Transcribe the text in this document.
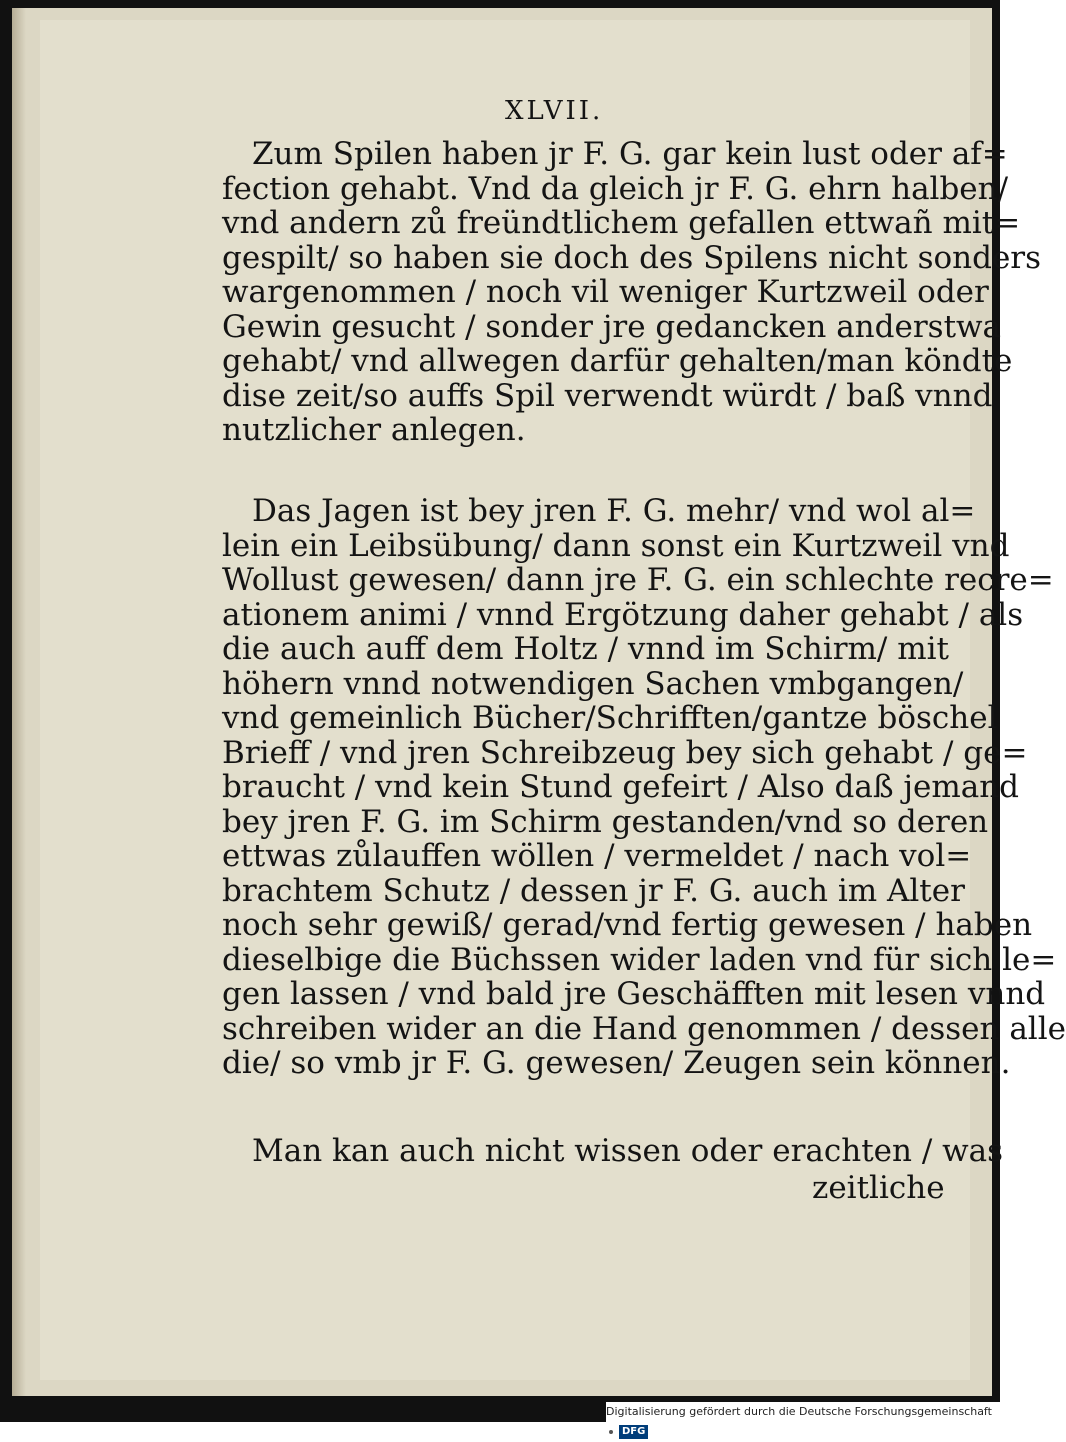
XLVII.
Zum Spilen haben jr F. G. gar kein lust oder af=
fection gehabt. Vnd da gleich jr F. G. ehrn halben/
vnd andern zů freündtlichem gefallen ettwañ mit=
gespilt/ so haben sie doch des Spilens nicht sonders
wargenommen / noch vil weniger Kurtzweil oder
Gewin gesucht / sonder jre gedancken anderstwa
gehabt/ vnd allwegen darfür gehalten/man köndte
dise zeit/so auffs Spil verwendt würdt / baß vnnd
nutzlicher anlegen.
Das Jagen ist bey jren F. G. mehr/ vnd wol al=
lein ein Leibsübung/ dann sonst ein Kurtzweil vnd
Wollust gewesen/ dann jre F. G. ein schlechte recre=
ationem animi / vnnd Ergötzung daher gehabt / als
die auch auff dem Holtz / vnnd im Schirm/ mit
höhern vnnd notwendigen Sachen vmbgangen/
vnd gemeinlich Bücher/Schrifften/gantze böschel
Brieff / vnd jren Schreibzeug bey sich gehabt / ge=
braucht / vnd kein Stund gefeirt / Also daß jemand
bey jren F. G. im Schirm gestanden/vnd so deren
ettwas zůlauffen wöllen / vermeldet / nach vol=
brachtem Schutz / dessen jr F. G. auch im Alter
noch sehr gewiß/ gerad/vnd fertig gewesen / haben
dieselbige die Büchssen wider laden vnd für sich le=
gen lassen / vnd bald jre Geschäfften mit lesen vnnd
schreiben wider an die Hand genommen / dessen alle
die/ so vmb jr F. G. gewesen/ Zeugen sein können.
Man kan auch nicht wissen oder erachten / was
zeitliche
Digitalisierung gefördert durch die Deutsche ForschungsgemeinschaftDFG
